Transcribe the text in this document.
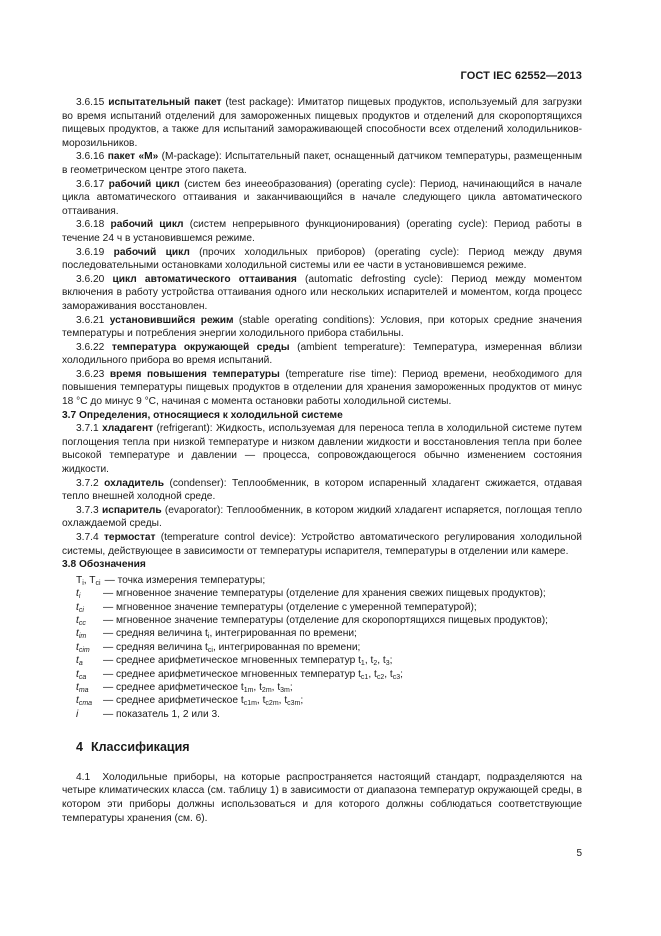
ГОСТ IEC 62552—2013

3.6.15 испытательный пакет (test package): Имитатор пищевых продуктов, используемый для загрузки во время испытаний отделений для замороженных пищевых продуктов и отделений для скоропортящихся пищевых продуктов, а также для испытаний замораживающей способности всех отделений холодильников-морозильников.

3.6.16 пакет «М» (M-package): Испытательный пакет, оснащенный датчиком температуры, размещенным в геометрическом центре этого пакета.

3.6.17 рабочий цикл (систем без инееобразования) (operating cycle): Период, начинающийся в начале цикла автоматического оттаивания и заканчивающийся в начале следующего цикла автоматического оттаивания.

3.6.18 рабочий цикл (систем непрерывного функционирования) (operating cycle): Период работы в течение 24 ч в установившемся режиме.

3.6.19 рабочий цикл (прочих холодильных приборов) (operating cycle): Период между двумя последовательными остановками холодильной системы или ее части в установившемся режиме.

3.6.20 цикл автоматического оттаивания (automatic defrosting cycle): Период между моментом включения в работу устройства оттаивания одного или нескольких испарителей и моментом, когда процесс замораживания восстановлен.

3.6.21 установившийся режим (stable operating conditions): Условия, при которых средние значения температуры и потребления энергии холодильного прибора стабильны.

3.6.22 температура окружающей среды (ambient temperature): Температура, измеренная вблизи холодильного прибора во время испытаний.

3.6.23 время повышения температуры (temperature rise time): Период времени, необходимого для повышения температуры пищевых продуктов в отделении для хранения замороженных продуктов от минус 18 °C до минус 9 °C, начиная с момента остановки работы холодильной системы.

3.7 Определения, относящиеся к холодильной системе

3.7.1 хладагент (refrigerant): Жидкость, используемая для переноса тепла в холодильной системе путем поглощения тепла при низкой температуре и низком давлении жидкости и восстановления тепла при более высокой температуре и давлении — процесса, сопровождающегося обычно изменением состояния жидкости.

3.7.2 охладитель (condenser): Теплообменник, в котором испаренный хладагент сжижается, отдавая тепло внешней холодной среде.

3.7.3 испаритель (evaporator): Теплообменник, в котором жидкий хладагент испаряется, поглощая тепло охлаждаемой среды.

3.7.4 термостат (temperature control device): Устройство автоматического регулирования холодильной системы, действующее в зависимости от температуры испарителя, температуры в отделении или камере.

3.8 Обозначения

$T_i$, $T_{ci}$ — точка измерения температуры;
$t_i$	— мгновенное значение температуры (отделение для хранения свежих пищевых продуктов);
$t_{ci}$	— мгновенное значение температуры (отделение с умеренной температурой);
$t_{cc}$	— мгновенное значение температуры (отделение для скоропортящихся пищевых продуктов);
$t_{im}$	— средняя величина $t_i$, интегрированная по времени;
$t_{cim}$	— средняя величина $t_{ci}$, интегрированная по времени;
$t_a$	— среднее арифметическое мгновенных температур $t_1$, $t_2$, $t_3$;
$t_{ca}$	— среднее арифметическое мгновенных температур $t_{c1}$, $t_{c2}$, $t_{c3}$;
$t_{ma}$	— среднее арифметическое $t_{1m}$, $t_{2m}$, $t_{3m}$;
$t_{cma}$	— среднее арифметическое $t_{c1m}$, $t_{c2m}$, $t_{c3m}$;
i	— показатель 1, 2 или 3.
4 Классификация

4.1 Холодильные приборы, на которые распространяется настоящий стандарт, подразделяются на четыре климатических класса (см. таблицу 1) в зависимости от диапазона температур окружающей среды, в котором эти приборы должны использоваться и для которого должны соблюдаться соответствующие температуры хранения (см. 6).

5
